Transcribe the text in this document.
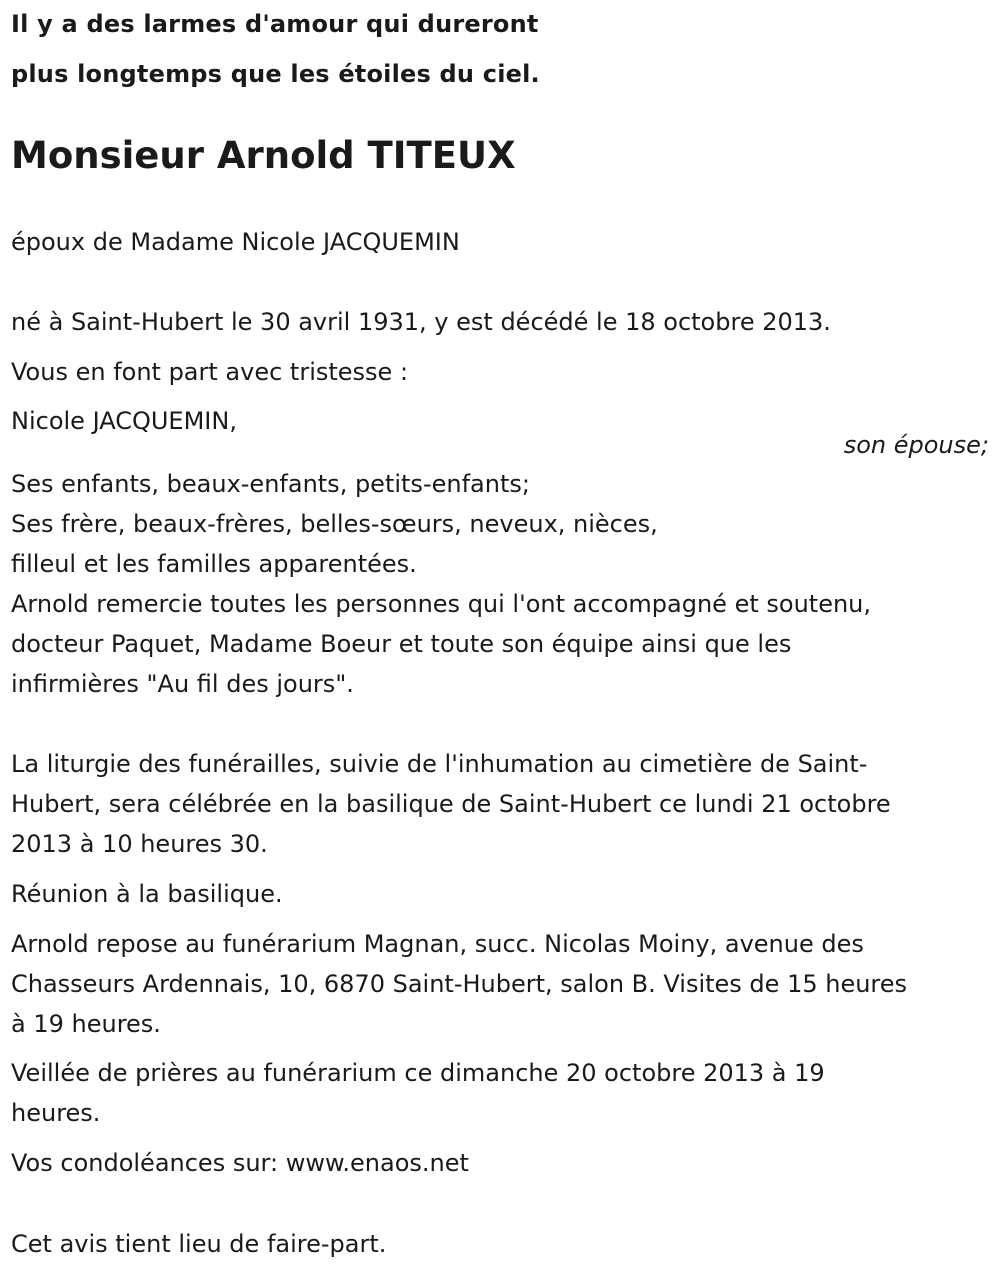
Il y a des larmes d'amour qui dureront

plus longtemps que les étoiles du ciel.

Monsieur Arnold TITEUX

époux de Madame Nicole JACQUEMIN

né à Saint-Hubert le 30 avril 1931, y est décédé le 18 octobre 2013.

Vous en font part avec tristesse :

Nicole JACQUEMIN,

son épouse;

Ses enfants, beaux-enfants, petits-enfants;

Ses frère, beaux-frères, belles-sœurs, neveux, nièces,

filleul et les familles apparentées.

Arnold remercie toutes les personnes qui l'ont accompagné et soutenu,

docteur Paquet, Madame Boeur et toute son équipe ainsi que les

infirmières "Au fil des jours".

La liturgie des funérailles, suivie de l'inhumation au cimetière de Saint-

Hubert, sera célébrée en la basilique de Saint-Hubert ce lundi 21 octobre

2013 à 10 heures 30.

Réunion à la basilique.

Arnold repose au funérarium Magnan, succ. Nicolas Moiny, avenue des

Chasseurs Ardennais, 10, 6870 Saint-Hubert, salon B. Visites de 15 heures

à 19 heures.

Veillée de prières au funérarium ce dimanche 20 octobre 2013 à 19

heures.

Vos condoléances sur: www.enaos.net

Cet avis tient lieu de faire-part.
